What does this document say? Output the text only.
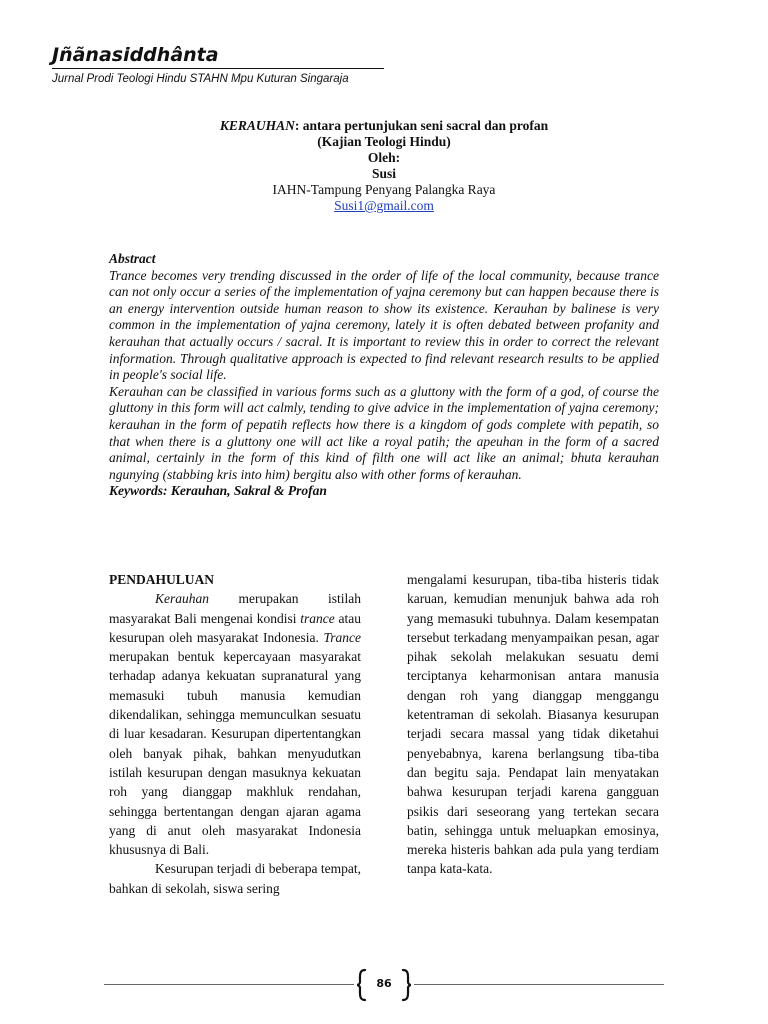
Jñãnasiddhânta
Jurnal Prodi Teologi Hindu STAHN Mpu Kuturan Singaraja
KERAUHAN: antara pertunjukan seni sacral dan profan
(Kajian Teologi Hindu)
Oleh:
Susi
IAHN-Tampung Penyang Palangka Raya
Susi1@gmail.com

Abstract

Trance becomes very trending discussed in the order of life of the local community, because trance can not only occur a series of the implementation of yajna ceremony but can happen because there is an energy intervention outside human reason to show its existence. Kerauhan by balinese is very common in the implementation of yajna ceremony, lately it is often debated between profanity and kerauhan that actually occurs / sacral. It is important to review this in order to correct the relevant information. Through qualitative approach is expected to find relevant research results to be applied in people's social life.

Kerauhan can be classified in various forms such as a gluttony with the form of a god, of course the gluttony in this form will act calmly, tending to give advice in the implementation of yajna ceremony; kerauhan in the form of pepatih reflects how there is a kingdom of gods complete with pepatih, so that when there is a gluttony one will act like a royal patih; the apeuhan in the form of a sacred animal, certainly in the form of this kind of filth one will act like an animal; bhuta kerauhan ngunying (stabbing kris into him) bergitu also with other forms of kerauhan.

Keywords: Kerauhan, Sakral & Profan

PENDAHULUAN

Kerauhan merupakan istilah masyarakat Bali mengenai kondisi trance atau kesurupan oleh masyarakat Indonesia. Trance merupakan bentuk kepercayaan masyarakat terhadap adanya kekuatan supranatural yang memasuki tubuh manusia kemudian dikendalikan, sehingga memunculkan sesuatu di luar kesadaran. Kesurupan dipertentangkan oleh banyak pihak, bahkan menyudutkan istilah kesurupan dengan masuknya kekuatan roh yang dianggap makhluk rendahan, sehingga bertentangan dengan ajaran agama yang di anut oleh masyarakat Indonesia khususnya di Bali.

Kesurupan terjadi di beberapa tempat, bahkan di sekolah, siswa sering

mengalami kesurupan, tiba-tiba histeris tidak karuan, kemudian menunjuk bahwa ada roh yang memasuki tubuhnya. Dalam kesempatan tersebut terkadang menyampaikan pesan, agar pihak sekolah melakukan sesuatu demi terciptanya keharmonisan antara manusia dengan roh yang dianggap menggangu ketentraman di sekolah. Biasanya kesurupan terjadi secara massal yang tidak diketahui penyebabnya, karena berlangsung tiba-tiba dan begitu saja. Pendapat lain menyatakan bahwa kesurupan terjadi karena gangguan psikis dari seseorang yang tertekan secara batin, sehingga untuk meluapkan emosinya, mereka histeris bahkan ada pula yang terdiam tanpa kata-kata.

86
